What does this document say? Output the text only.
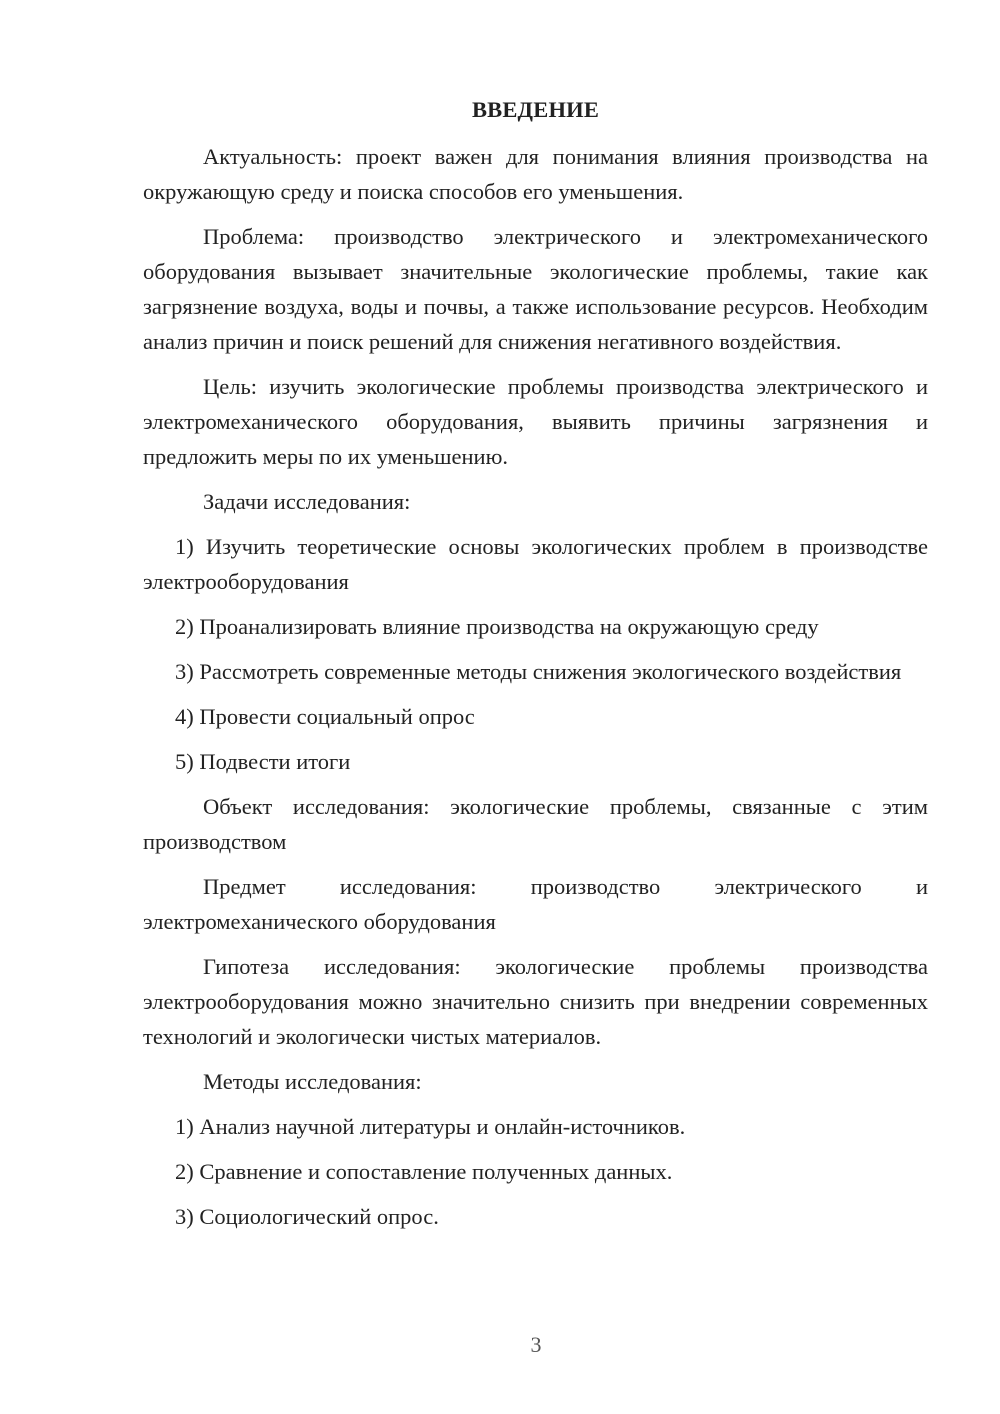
ВВЕДЕНИЕ

Актуальность: проект важен для понимания влияния производства на окружающую среду и поиска способов его уменьшения.

Проблема: производство электрического и электромеханического оборудования вызывает значительные экологические проблемы, такие как загрязнение воздуха, воды и почвы, а также использование ресурсов. Необходим анализ причин и поиск решений для снижения негативного воздействия.

Цель: изучить экологические проблемы производства электрического и электромеханического оборудования, выявить причины загрязнения и предложить меры по их уменьшению.

Задачи исследования:

1) Изучить теоретические основы экологических проблем в производстве электрооборудования

2) Проанализировать влияние производства на окружающую среду

3) Рассмотреть современные методы снижения экологического воздействия

4) Провести социальный опрос

5) Подвести итоги

Объект исследования: экологические проблемы, связанные с этим производством

Предмет исследования: производство электрического и электромеханического оборудования

Гипотеза исследования: экологические проблемы производства электрооборудования можно значительно снизить при внедрении современных технологий и экологически чистых материалов.

Методы исследования:

1) Анализ научной литературы и онлайн-источников.

2) Сравнение и сопоставление полученных данных.

3) Социологический опрос.

3
